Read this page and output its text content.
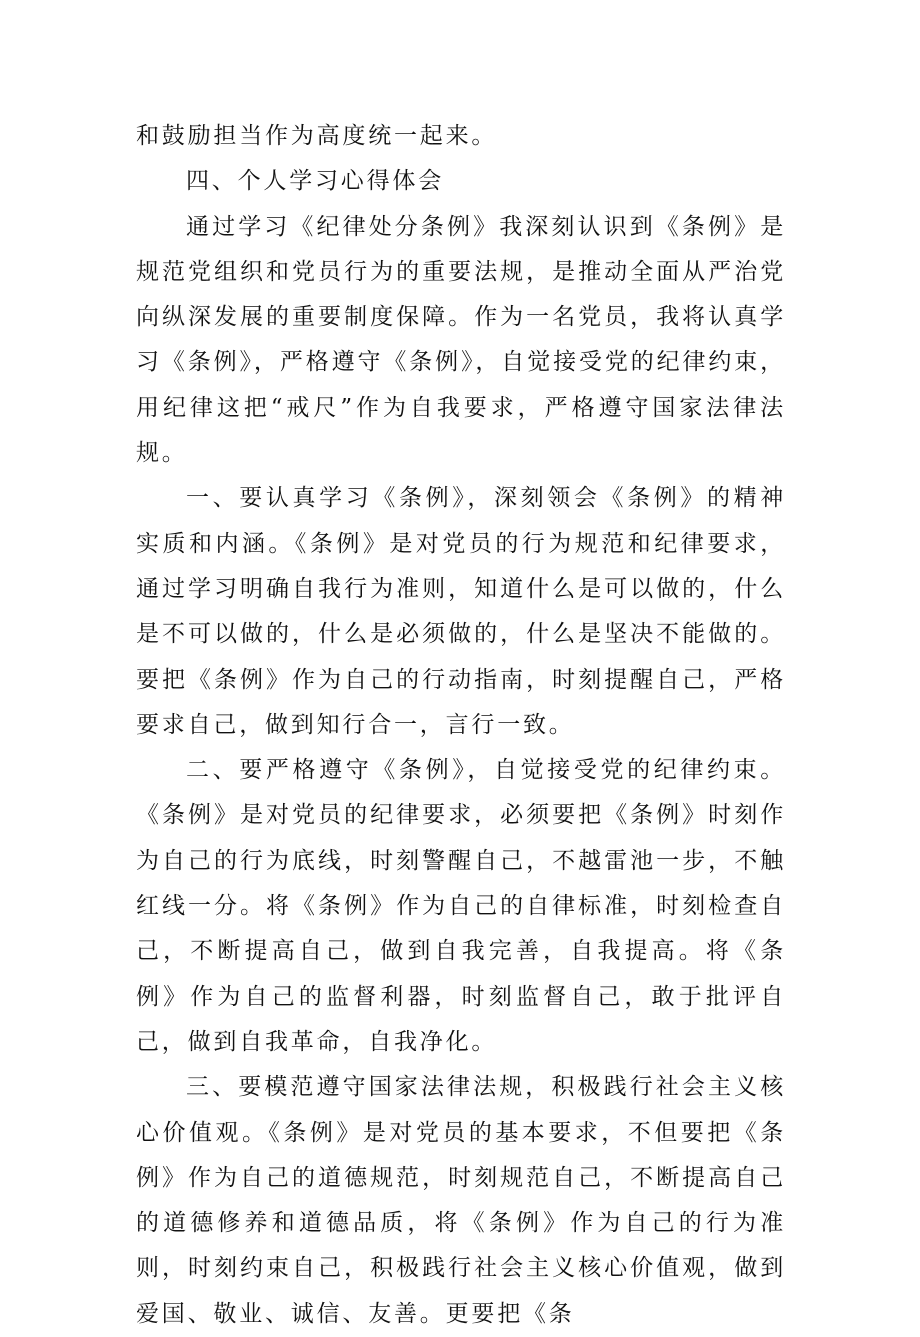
和鼓励担当作为高度统一起来。

四、个人学习心得体会

通过学习《纪律处分条例》我深刻认识到《条例》是规范党组织和党员行为的重要法规，是推动全面从严治党向纵深发展的重要制度保障。作为一名党员，我将认真学习《条例》，严格遵守《条例》，自觉接受党的纪律约束，用纪律这把“戒尺”作为自我要求，严格遵守国家法律法规。

一、要认真学习《条例》，深刻领会《条例》的精神实质和内涵。《条例》是对党员的行为规范和纪律要求，通过学习明确自我行为准则，知道什么是可以做的，什么是不可以做的，什么是必须做的，什么是坚决不能做的。要把《条例》作为自己的行动指南，时刻提醒自己，严格要求自己，做到知行合一，言行一致。

二、要严格遵守《条例》，自觉接受党的纪律约束。《条例》是对党员的纪律要求，必须要把《条例》时刻作为自己的行为底线，时刻警醒自己，不越雷池一步，不触红线一分。将《条例》作为自己的自律标准，时刻检查自己，不断提高自己，做到自我完善，自我提高。将《条例》作为自己的监督利器，时刻监督自己，敢于批评自己，做到自我革命，自我净化。

三、要模范遵守国家法律法规，积极践行社会主义核心价值观。《条例》是对党员的基本要求，不但要把《条例》作为自己的道德规范，时刻规范自己，不断提高自己的道德修养和道德品质，将《条例》作为自己的行为准则，时刻约束自己，积极践行社会主义核心价值观，做到爱国、敬业、诚信、友善。更要把《条
